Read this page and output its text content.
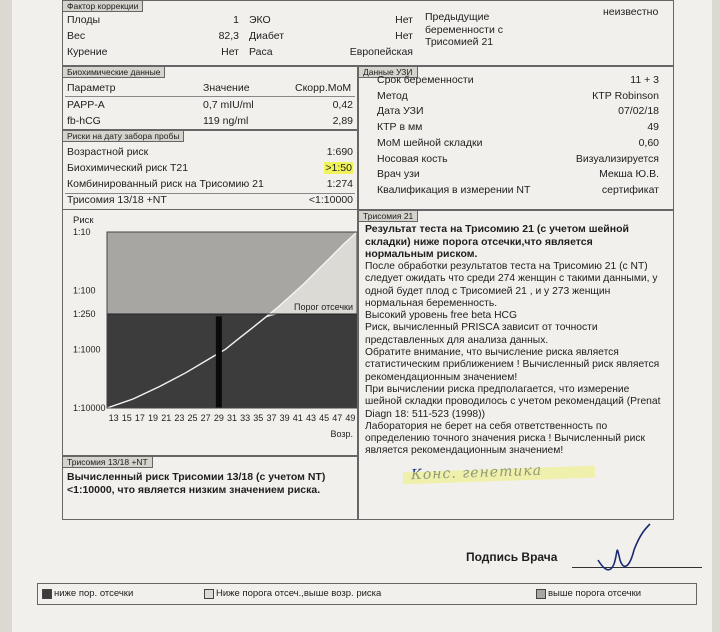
Фактор коррекции
Плоды	1 ЭКО	Нет
Вес	82,3 Диабет	Нет
Курение	Нет Раса	Европейская
Предыдущие беременности с Трисомией 21
неизвестно
Биохимические данные
Параметр	Значение	Скорр.МоМ
PAPP-A	0,7 mIU/ml	0,42
fb-hCG	119 ng/ml	2,89
Риски на дату забора пробы
Возрастной риск	1:690
Биохимический риск Т21	>1:50
Комбинированный риск на Трисомию 21	1:274
Трисомия 13/18 +NT	<1:10000
Данные УЗИ
Срок беременности	11 + 3
Метод	КТР Robinson
Дата УЗИ	07/02/18
КТР в мм	49
МоМ шейной складки	0,60
Носовая кость	Визуализируется
Врач узи	Мекша Ю.В.
Квалификация в измерении NT	сертификат
Риск
1:10
1:100
1:250
1:1000
1:10000
13 15 17 19 21 23 25 27 29 31 33 35 37 39 41 43 45 47 49
Возр.
Порог отсечки
Трисомия 13/18 +NT
Вычисленный риск Трисомии 13/18 (с учетом NT) <1:10000, что является низким значением риска.
Трисомия 21
Результат теста на Трисомию 21 (с учетом шейной складки) ниже порога отсечки,что является нормальным риском.

После обработки результатов теста на Трисомию 21 (с NT) следует ожидать что среди 274 женщин с такими данными, у одной будет плод с Трисомией 21 , и у 273 женщин нормальная беременность.

Высокий уровень free beta HCG

Риск, вычисленный PRISCA зависит от точности представленных для анализа данных.

Обратите внимание, что вычисление риска является статистическим приближением ! Вычисленный риск является рекомендационным значением!

При вычислении риска предполагается, что измерение шейной складки проводилось с учетом рекомендаций (Prenat Diagn 18: 511-523 (1998))

Лаборатория не берет на себя ответственность по определению точного значения риска ! Вычисленный риск является рекомендационным значением!

Подпись Врача
ниже пор. отсечки	Ниже порога отсеч.,выше возр. риска	выше порога отсечки
